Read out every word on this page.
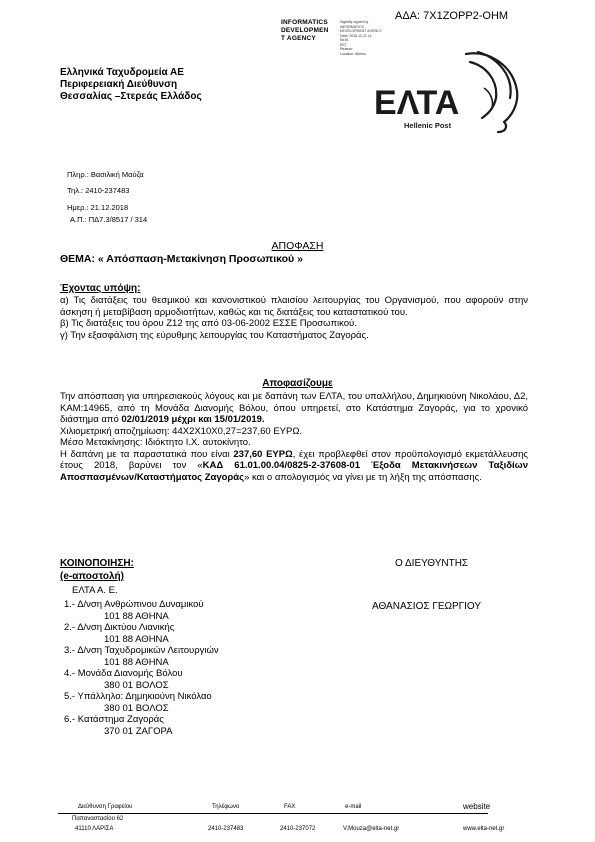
ΑΔΑ: 7Χ1ΖΟΡΡ2-ΟΗΜ
INFORMATICS
DEVELOPMEN
T AGENCY
Digitally signed by
INFORMATICS
DEVELOPMENT AGENCY
Date: 2018.12.21 11:
56:51
EET
Reason:
Location: Athens
Ελληνικά Ταχυδρομεία ΑΕ
Περιφερειακή Διεύθυνση
Θεσσαλίας –Στερεάς Ελλάδος	ΕΛΤΑ
Hellenic Post
Πληρ.: Βασιλική Μαύζα
Τηλ.: 2410-237483
Ημερ.: 21.12.2018
Α.Π.: ΠΔ7.3/8517 / 314
ΑΠΟΦΑΣΗ
ΘΕΜΑ: « Απόσπαση-Μετακίνηση Προσωπικού »
Έχοντας υπόψη:

α) Τις διατάξεις του θεσμικού και κανονιστικού πλαισίου λειτουργίας του Οργανισμού, που αφορούν στην άσκηση ή μεταβίβαση αρμοδιοτήτων, καθώς και τις διατάξεις του καταστατικού του.

β) Τις διατάξεις του όρου Ζ12 της από 03-06-2002 ΕΣΣΕ Προσωπικού.

γ) Την εξασφάλιση της εύρυθμης λειτουργίας του Καταστήματος Ζαγοράς.

Αποφασίζουμε

Την απόσπαση για υπηρεσιακούς λόγους και με δαπάνη των ΕΛΤΑ, του υπαλλήλου, Δημηκιούνη Νικολάου, Δ2, ΚΑΜ:14965, από τη Μονάδα Διανομής Βόλου, όπου υπηρετεί, στο Κατάστημα Ζαγοράς, για το χρονικό διάστημα από 02/01/2019 μέχρι και 15/01/2019.

Χιλιομετρική αποζημίωση: 44Χ2Χ10Χ0,27=237,60 ΕΥΡΩ.

Μέσο Μετακίνησης: Ιδιόκτητο Ι.Χ. αυτοκίνητο.

Η δαπάνη με τα παραστατικά που είναι 237,60 ΕΥΡΩ, έχει προβλεφθεί στον προϋπολογισμό εκμετάλλευσης έτους 2018, βαρύνει τον «ΚΑΔ 61.01.00.04/0825-2-37608-01 Έξοδα Μετακινήσεων Ταξιδίων Αποσπασμένων/Καταστήματος Ζαγοράς» και ο απολογισμός να γίνει με τη λήξη της απόσπασης.

ΚΟΙΝΟΠΟΙΗΣΗ:
(e-αποστολή)
ΕΛΤΑ Α. Ε.
1.- Δ/νση Ανθρώπινου Δυναμικού
101 88 ΑΘΗΝΑ
2.- Δ/νση Δικτύου Λιανικής
101 88 ΑΘΗΝΑ
3.- Δ/νση Ταχυδρομικών Λειτουργιών
101 88 ΑΘΗΝΑ
4.- Μονάδα Διανομής Βόλου
380 01 ΒΟΛΟΣ
5.- Υπάλληλο: Δημηκιούνη Νικόλαο
380 01 ΒΟΛΟΣ
6.- Κατάστημα Ζαγοράς
370 01 ΖΑΓΟΡΑ
Ο ΔΙΕΥΘΥΝΤΗΣ
ΑΘΑΝΑΣΙΟΣ ΓΕΩΡΓΙΟΥ
Διεύθυνση Γραφείου	Τηλέφωνο	FAX	e-mail	website
Παπαναστασίου 62
41110 ΛΑΡΙΣΑ	2410-237483	2410-237072	V.Mouza@elta-net.gr	www.elta-net.gr
